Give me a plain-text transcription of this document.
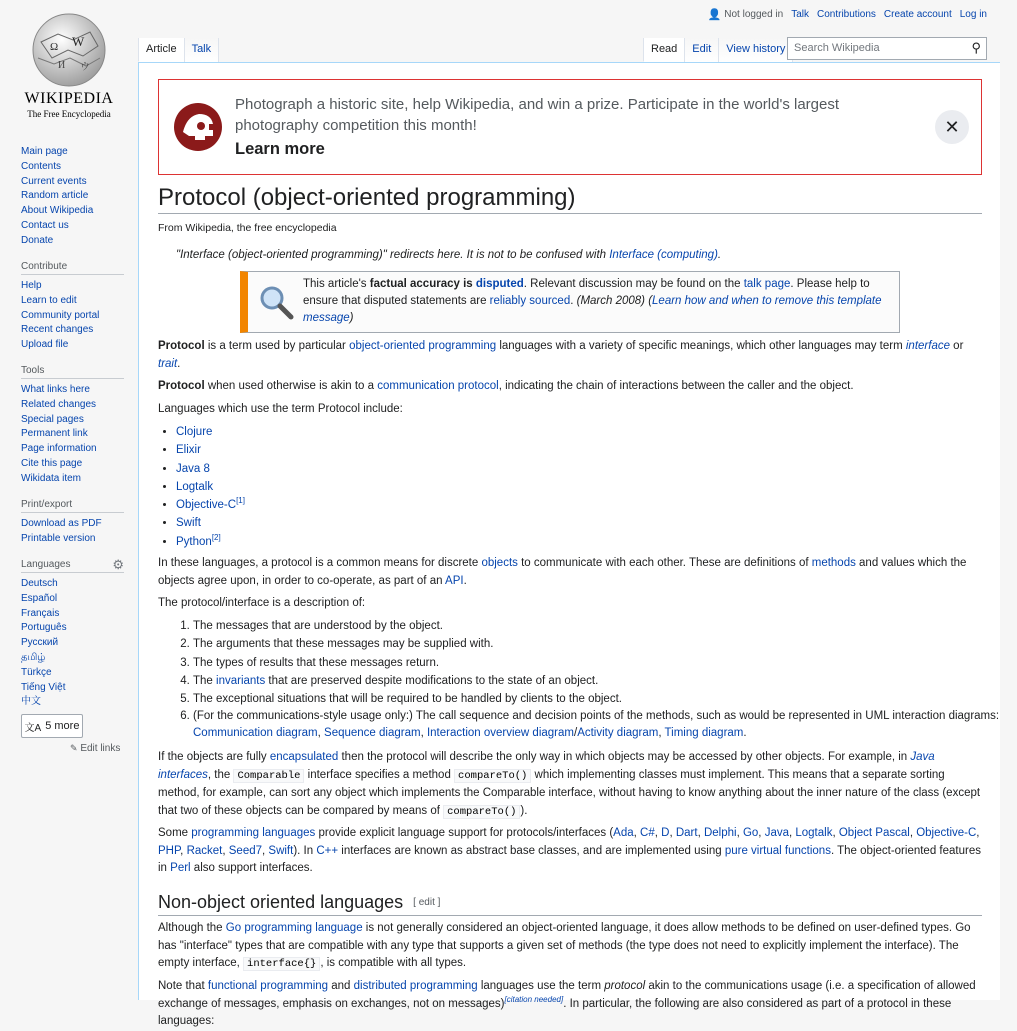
Ω W
И ウ
WIKIPEDIA
The Free Encyclopedia
Main page
Contents
Current events
Random article
About Wikipedia
Contact us
Donate
Contribute
Help
Learn to edit
Community portal
Recent changes
Upload file
Tools
What links here
Related changes
Special pages
Permanent link
Page information
Cite this page
Wikidata item
Print/export
Download as PDF
Printable version
Languages	⚙
Deutsch
Español
Français
Português
Русский
தமிழ்
Türkçe
Tiếng Việt
中文
文A 5 more
✎ Edit links
👤 Not logged in Talk Contributions Create account Log in
Article	Talk	Read	Edit	View history Search Wikipedia	⚲
Photograph a historic site, help Wikipedia, and win a prize. Participate in the world's largest photography competition this month!
Learn more
✕
Protocol (object-oriented programming)
From Wikipedia, the free encyclopedia
"Interface (object-oriented programming)" redirects here. It is not to be confused with Interface (computing).
This article's factual accuracy is disputed. Relevant discussion may be found on the talk page. Please help to ensure that disputed statements are reliably sourced. (March 2008) (Learn how and when to remove this template message)

Protocol is a term used by particular object-oriented programming languages with a variety of specific meanings, which other languages may term interface or trait.

Protocol when used otherwise is akin to a communication protocol, indicating the chain of interactions between the caller and the object.

Languages which use the term Protocol include:

• Clojure
• Elixir
• Java 8
• Logtalk
• Objective-C[1]
• Swift
• Python[2]

In these languages, a protocol is a common means for discrete objects to communicate with each other. These are definitions of methods and values which the objects agree upon, in order to co-operate, as part of an API.

The protocol/interface is a description of:

1. The messages that are understood by the object.
2. The arguments that these messages may be supplied with.
3. The types of results that these messages return.
4. The invariants that are preserved despite modifications to the state of an object.
5. The exceptional situations that will be required to be handled by clients to the object.
6. (For the communications-style usage only:) The call sequence and decision points of the methods, such as would be represented in UML interaction diagrams: Communication diagram, Sequence diagram, Interaction overview diagram/Activity diagram, Timing diagram.

If the objects are fully encapsulated then the protocol will describe the only way in which objects may be accessed by other objects. For example, in Java interfaces, the Comparable interface specifies a method compareTo() which implementing classes must implement. This means that a separate sorting method, for example, can sort any object which implements the Comparable interface, without having to know anything about the inner nature of the class (except that two of these objects can be compared by means of compareTo() ).

Some programming languages provide explicit language support for protocols/interfaces (Ada, C#, D, Dart, Delphi, Go, Java, Logtalk, Object Pascal, Objective-C, PHP, Racket, Seed7, Swift). In C++ interfaces are known as abstract base classes, and are implemented using pure virtual functions. The object-oriented features in Perl also support interfaces.

Non-object oriented languages [ edit ]

Although the Go programming language is not generally considered an object-oriented language, it does allow methods to be defined on user-defined types. Go has "interface" types that are compatible with any type that supports a given set of methods (the type does not need to explicitly implement the interface). The empty interface, interface{} , is compatible with all types.

Note that functional programming and distributed programming languages use the term protocol akin to the communications usage (i.e. a specification of allowed exchange of messages, emphasis on exchanges, not on messages)[citation needed]. In particular, the following are also considered as part of a protocol in these languages:
